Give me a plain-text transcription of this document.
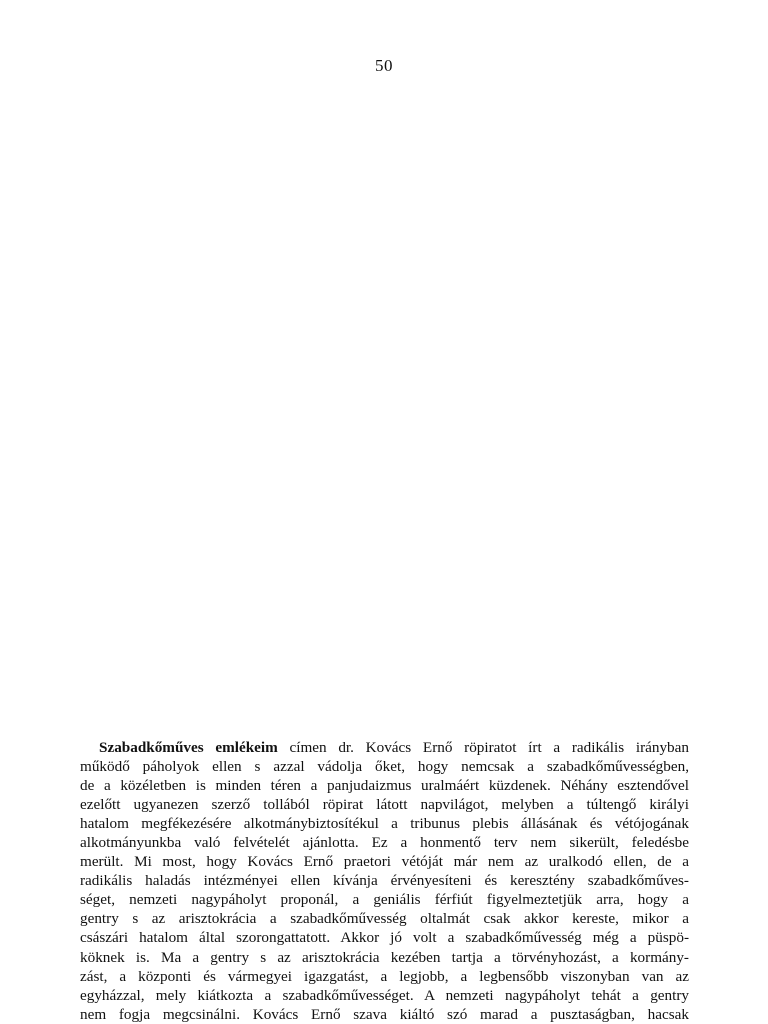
50
Szabadkőműves emlékeim címen dr. Kovács Ernő röpiratot írt a radikális irányban
működő páholyok ellen s azzal vádolja őket, hogy nemcsak a szabadkőművességben,
de a közéletben is minden téren a panjudaizmus uralmáért küzdenek. Néhány esztendővel
ezelőtt ugyanezen szerző tollából röpirat látott napvilágot, melyben a túltengő királyi
hatalom megfékezésére alkotmánybiztosítékul a tribunus plebis állásának és vétójogának
alkotmányunkba való felvételét ajánlotta. Ez a honmentő terv nem sikerült, feledésbe
merült. Mi most, hogy Kovács Ernő praetori vétóját már nem az uralkodó ellen, de a
radikális haladás intézményei ellen kívánja érvényesíteni és keresztény szabadkőműves-
séget, nemzeti nagypáholyt proponál, a geniális férfiút figyelmeztetjük arra, hogy a
gentry s az arisztokrácia a szabadkőművesség oltalmát csak akkor kereste, mikor a
császári hatalom által szorongattatott. Akkor jó volt a szabadkőművesség még a püspö-
köknek is. Ma a gentry s az arisztokrácia kezében tartja a törvényhozást, a kormány-
zást, a központi és vármegyei igazgatást, a legjobb, a legbensőbb viszonyban van az
egyházzal, mely kiátkozta a szabadkőművességet. A nemzeti nagypáholyt tehát a gentry
nem fogja megcsinálni. Kovács Ernő szava kiáltó szó marad a pusztaságban, hacsak
